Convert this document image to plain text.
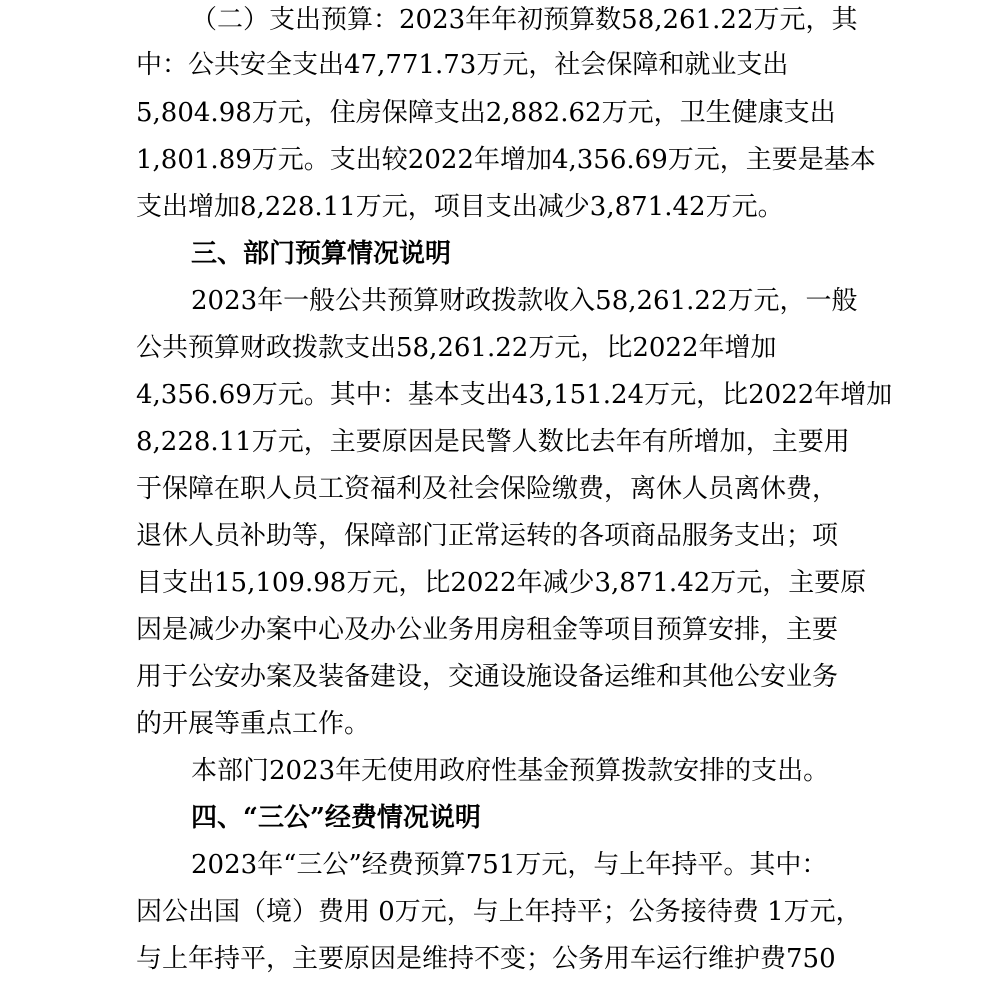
（二）支出预算：2023年年初预算数58,261.22万元，其
中：公共安全支出47,771.73万元，社会保障和就业支出
5,804.98万元，住房保障支出2,882.62万元，卫生健康支出
1,801.89万元。支出较2022年增加4,356.69万元，主要是基本
支出增加8,228.11万元，项目支出减少3,871.42万元。
三、部门预算情况说明
2023年一般公共预算财政拨款收入58,261.22万元，一般
公共预算财政拨款支出58,261.22万元，比2022年增加
4,356.69万元。其中：基本支出43,151.24万元，比2022年增加
8,228.11万元，主要原因是民警人数比去年有所增加，主要用
于保障在职人员工资福利及社会保险缴费，离休人员离休费，
退休人员补助等，保障部门正常运转的各项商品服务支出；项
目支出15,109.98万元，比2022年减少3,871.42万元，主要原
因是减少办案中心及办公业务用房租金等项目预算安排，主要
用于公安办案及装备建设，交通设施设备运维和其他公安业务
的开展等重点工作。
本部门2023年无使用政府性基金预算拨款安排的支出。
四、“三公”经费情况说明
2023年“三公”经费预算751万元，与上年持平。其中：
因公出国（境）费用 0万元，与上年持平；公务接待费 1万元，
与上年持平，主要原因是维持不变；公务用车运行维护费750
